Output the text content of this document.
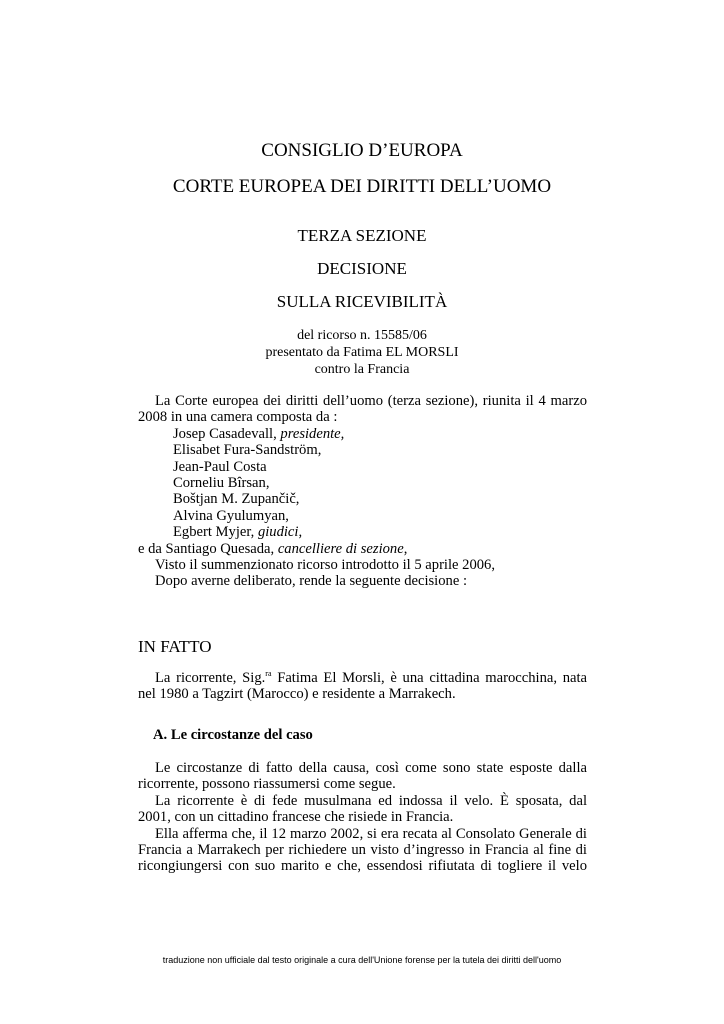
CONSIGLIO D’EUROPA
CORTE EUROPEA DEI DIRITTI DELL’UOMO
TERZA SEZIONE
DECISIONE
SULLA RICEVIBILITÀ
del ricorso n. 15585/06
presentato da Fatima EL MORSLI
contro la Francia
La Corte europea dei diritti dell’uomo (terza sezione), riunita il 4 marzo
2008 in una camera composta da :
Josep Casadevall, presidente,
Elisabet Fura-Sandström,
Jean-Paul Costa
Corneliu Bîrsan,
Boštjan M. Zupančič,
Alvina Gyulumyan,
Egbert Myjer, giudici,
e da Santiago Quesada, cancelliere di sezione,
Visto il summenzionato ricorso introdotto il 5 aprile 2006,
Dopo averne deliberato, rende la seguente decisione :
IN FATTO
La ricorrente, Sig.$^{ra}$ Fatima El Morsli, è una cittadina marocchina, nata
nel 1980 a Tagzirt (Marocco) e residente a Marrakech.
A. Le circostanze del caso
Le circostanze di fatto della causa, così come sono state esposte dalla
ricorrente, possono riassumersi come segue.
La ricorrente è di fede musulmana ed indossa il velo. È sposata, dal
2001, con un cittadino francese che risiede in Francia.
Ella afferma che, il 12 marzo 2002, si era recata al Consolato Generale di
Francia a Marrakech per richiedere un visto d’ingresso in Francia al fine di
ricongiungersi con suo marito e che, essendosi rifiutata di togliere il velo
traduzione non ufficiale dal testo originale a cura dell'Unione forense per la tutela dei diritti dell'uomo
